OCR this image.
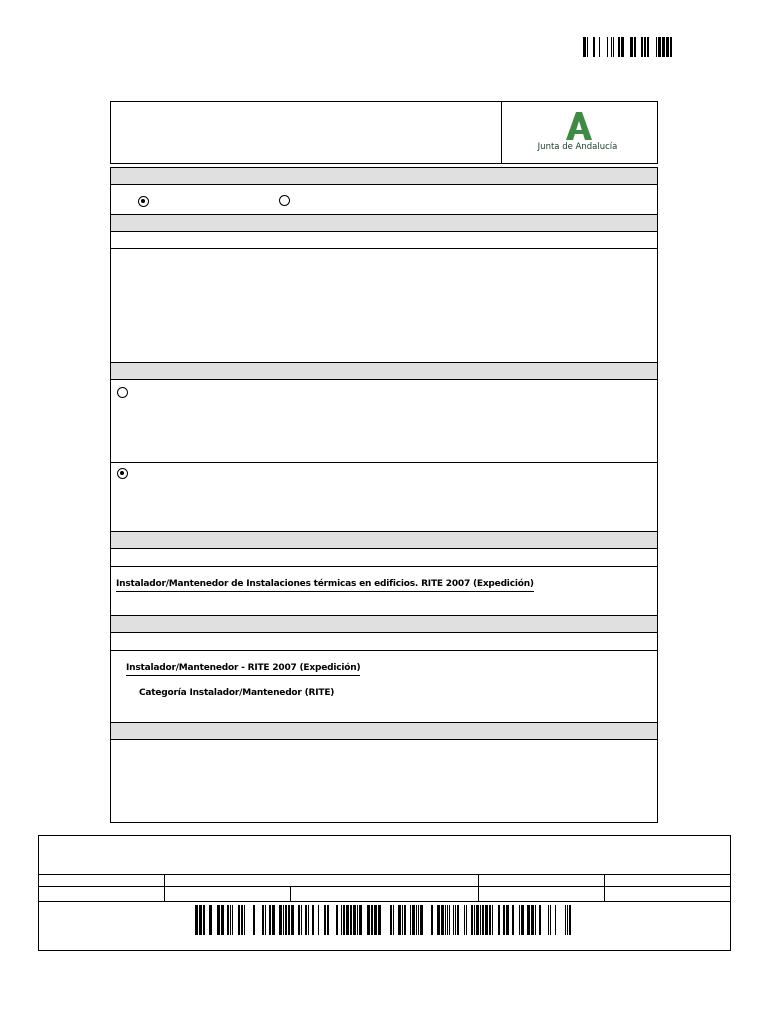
Junta de Andalucía
Instalador/Mantenedor de Instalaciones térmicas en edificios. RITE 2007 (Expedición)
Instalador/Mantenedor - RITE 2007 (Expedición)
Categoría Instalador/Mantenedor (RITE)
